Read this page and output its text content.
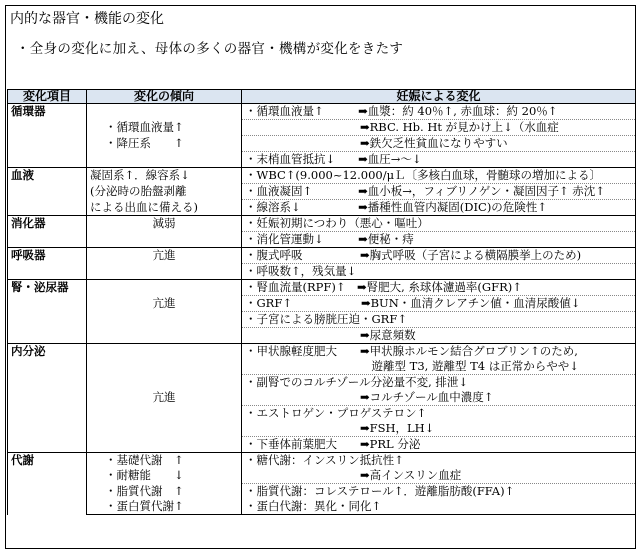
内的な器官・機能の変化
・全身の変化に加え、母体の多くの器官・機構が変化をきたす
変化項目	変化の傾向	妊娠による変化
循環器		・循環血液量↑　　　➡血漿：約 40％↑, 赤血球：約 20％↑
	・循環血液量↑	　　　　　　　　　　➡RBC. Hb. Ht が見かけ上↓（水血症
	・降圧系　　↑	　　　　　　　　　　➡鉄欠乏性貧血になりやすい
		・末梢血管抵抗↓　　➡血圧→～↓
血液	凝固系↑．線容系↓	・WBC↑(9.000~12.000/μＬ〔多核白血球，骨髄球の増加による〕
	(分泌時の胎盤剥離	・血液凝固↑　　　　➡血小板→，フィブリノゲン・凝固因子↑ 赤沈↑
	による出血に備える)	・線溶系↓　　　　　➡播種性血管内凝固(DIC)の危険性↑
消化器	減弱	・妊娠初期につわり（悪心・嘔吐）
		・消化管運動↓　　　➡便秘・痔
呼吸器	亢進	・腹式呼吸　　　　　➡胸式呼吸（子宮による横隔膜挙上のため)
		・呼吸数↑，残気量↓
腎・泌尿器		・腎血流量(RPF)↑　➡腎肥大, 糸球体濾過率(GFR)↑
	亢進	・GRF↑　　　　　　➡BUN・血清クレアチン値・血清尿酸値↓
		・子宮による膀胱圧迫・GRF↑
		　　　　　　　　　　➡尿意頻数
内分泌		・甲状腺軽度肥大　　➡甲状腺ホルモン結合グロブリン↑のため,
		　　　　　　　　　　　遊離型 T3, 遊離型 T4 は正常からやや↓
		・副腎でのコルチゾール分泌量不変, 排泄↓
	亢進	　　　　　　　　　　➡コルチゾール血中濃度↑
		・エストロゲン・プロゲステロン↑
		　　　　　　　　　　➡FSH，LH↓
		・下垂体前葉肥大　　➡PRL 分泌
代謝	・基礎代謝　↑	・糖代謝：インスリン抵抗性↑
	・耐糖能　　↓	　　　　　　　　　　➡高インスリン血症
	・脂質代謝　↑	・脂質代謝：コレステロール↑．遊離脂肪酸(FFA)↑
	・蛋白質代謝↑	・蛋白代謝：異化・同化↑
